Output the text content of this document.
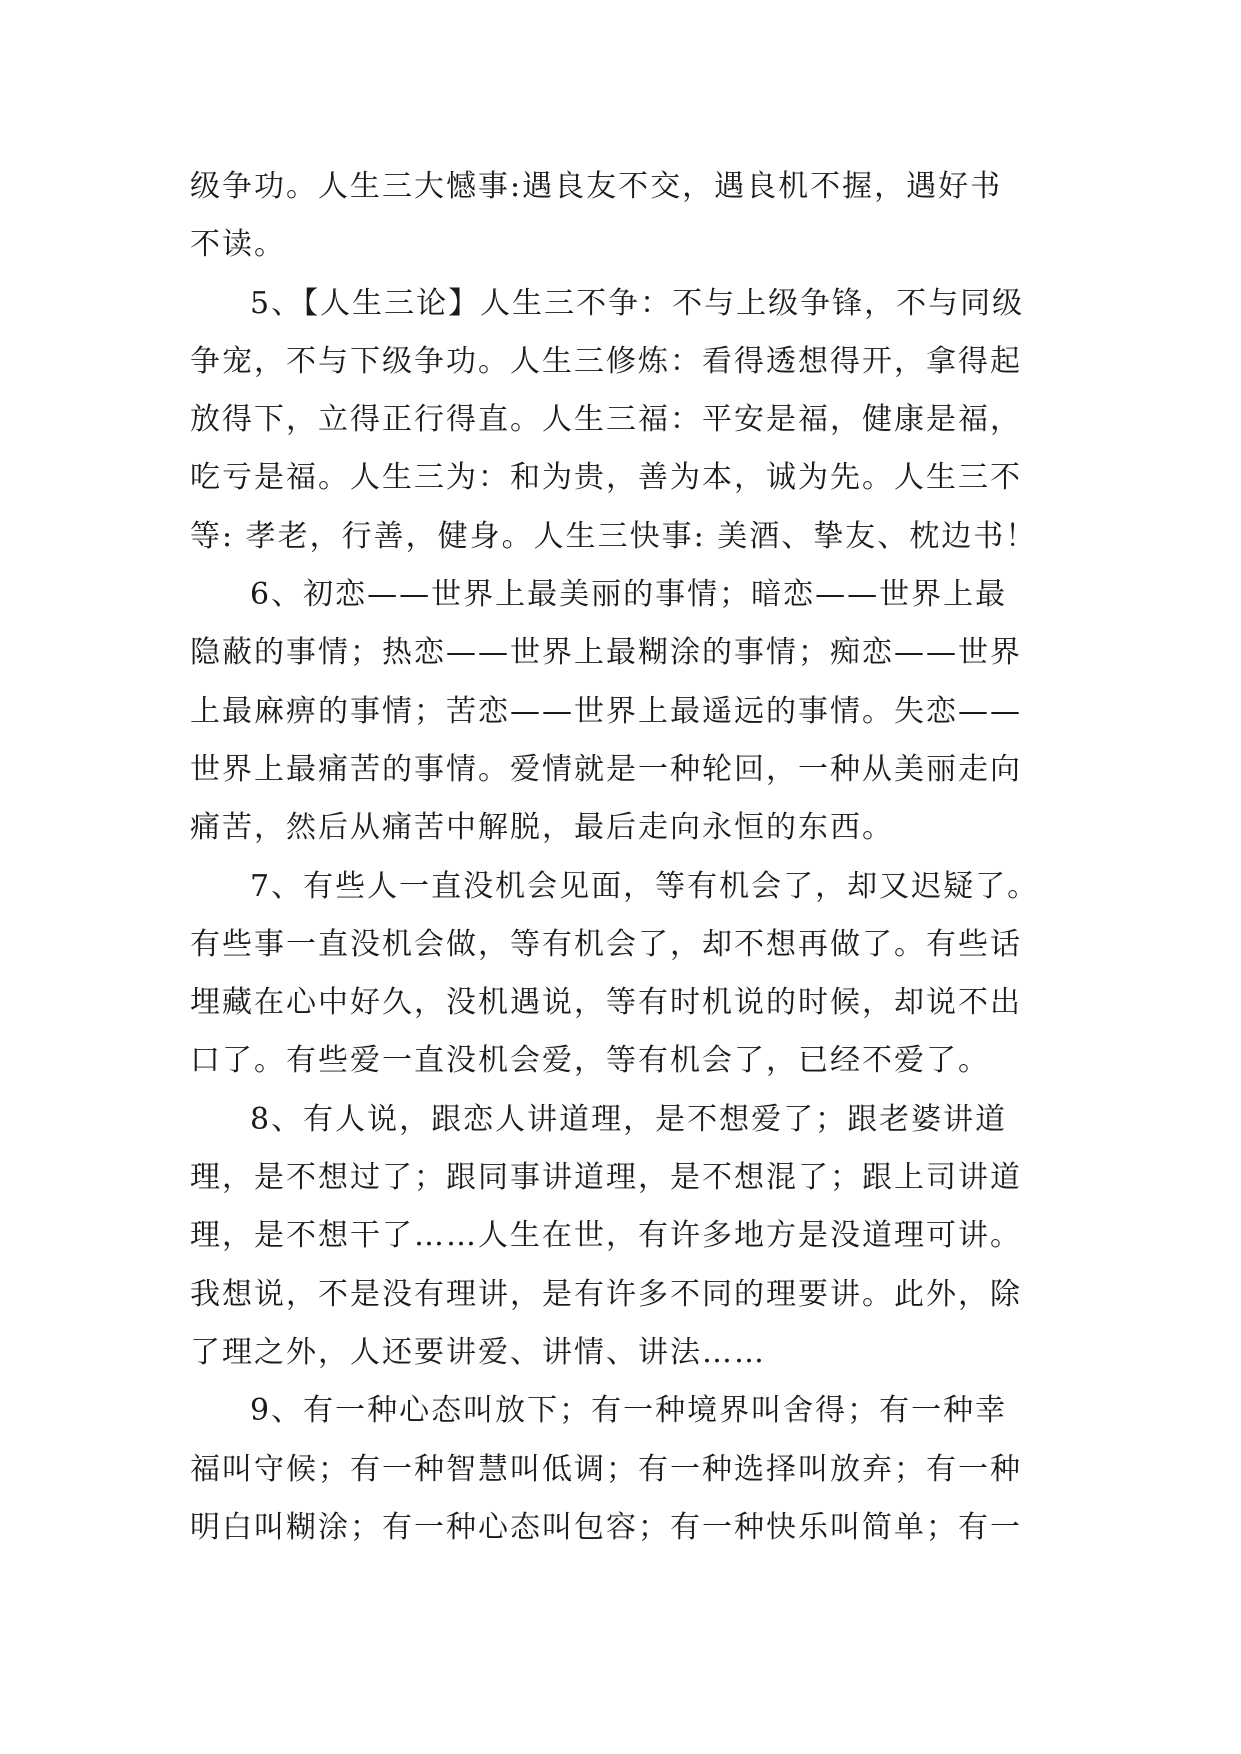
级争功。人生三大憾事:遇良友不交，遇良机不握，遇好书
不读。
5、【人生三论】人生三不争：不与上级争锋，不与同级
争宠，不与下级争功。人生三修炼：看得透想得开，拿得起
放得下，立得正行得直。人生三福：平安是福，健康是福，
吃亏是福。人生三为：和为贵，善为本，诚为先。人生三不
等: 孝老，行善，健身。人生三快事: 美酒、挚友、枕边书！
6、初恋——世界上最美丽的事情；暗恋——世界上最
隐蔽的事情；热恋——世界上最糊涂的事情；痴恋——世界
上最麻痹的事情；苦恋——世界上最遥远的事情。失恋——
世界上最痛苦的事情。爱情就是一种轮回，一种从美丽走向
痛苦，然后从痛苦中解脱，最后走向永恒的东西。
7、有些人一直没机会见面，等有机会了，却又迟疑了。
有些事一直没机会做，等有机会了，却不想再做了。有些话
埋藏在心中好久，没机遇说，等有时机说的时候，却说不出
口了。有些爱一直没机会爱，等有机会了，已经不爱了。
8、有人说，跟恋人讲道理，是不想爱了；跟老婆讲道
理，是不想过了；跟同事讲道理，是不想混了；跟上司讲道
理，是不想干了……人生在世，有许多地方是没道理可讲。
我想说，不是没有理讲，是有许多不同的理要讲。此外，除
了理之外，人还要讲爱、讲情、讲法……
9、有一种心态叫放下；有一种境界叫舍得；有一种幸
福叫守候；有一种智慧叫低调；有一种选择叫放弃；有一种
明白叫糊涂；有一种心态叫包容；有一种快乐叫简单；有一
